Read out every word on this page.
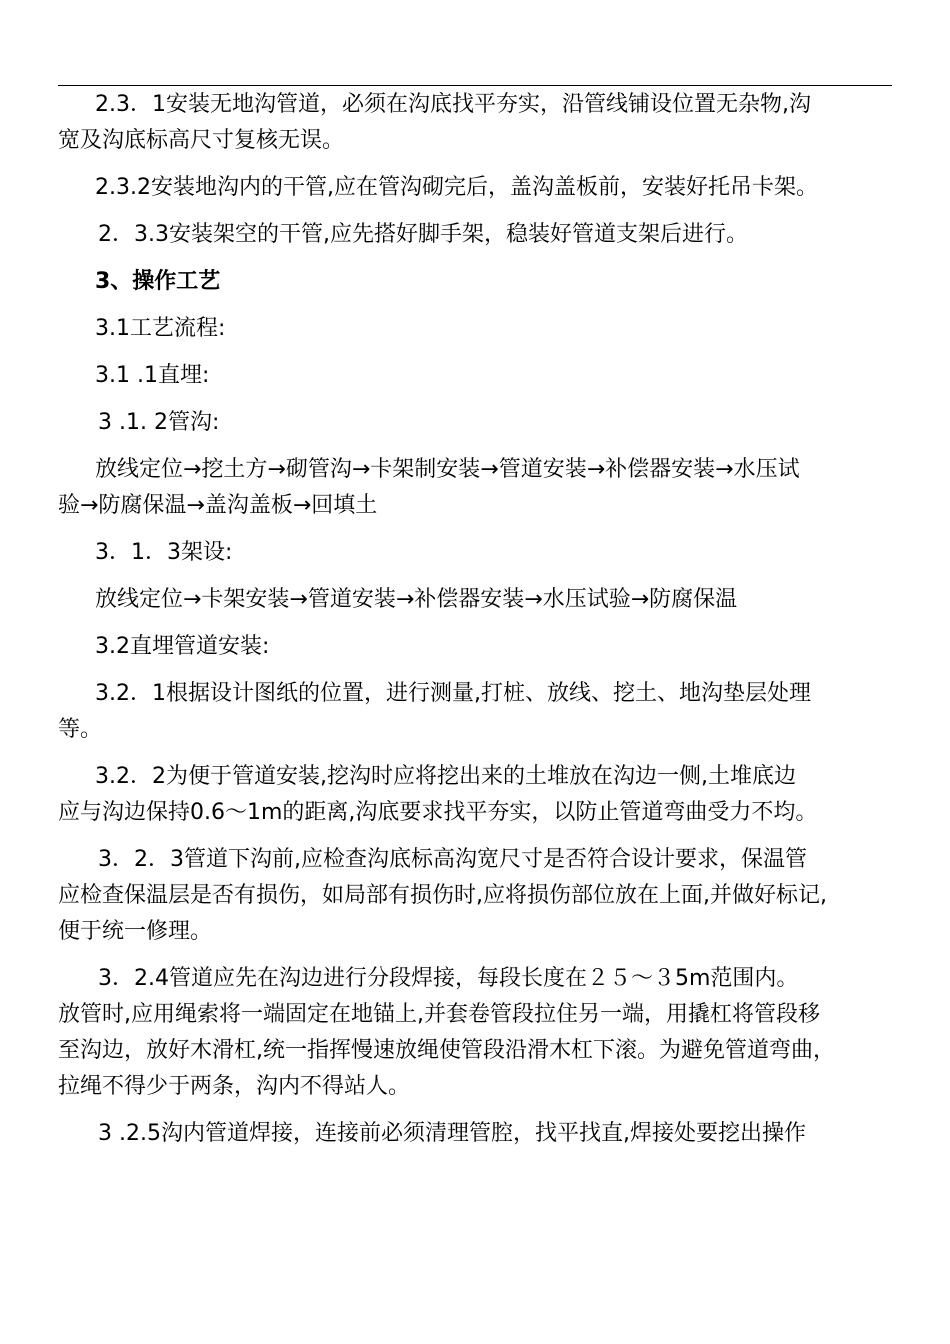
2.3．1安装无地沟管道，必须在沟底找平夯实，沿管线铺设位置无杂物,沟
宽及沟底标高尺寸复核无误。

2.3.2安装地沟内的干管,应在管沟砌完后，盖沟盖板前，安装好托吊卡架。

2．3.3安装架空的干管,应先搭好脚手架，稳装好管道支架后进行。

3、操作工艺

3.1工艺流程:

3.1 .1直埋:

3 .1. 2管沟:

放线定位→挖土方→砌管沟→卡架制安装→管道安装→补偿器安装→水压试
验→防腐保温→盖沟盖板→回填土

3．1．3架设:

放线定位→卡架安装→管道安装→补偿器安装→水压试验→防腐保温

3.2直埋管道安装:

3.2．1根据设计图纸的位置，进行测量,打桩、放线、挖土、地沟垫层处理
等。

3.2．2为便于管道安装,挖沟时应将挖出来的土堆放在沟边一侧,土堆底边
应与沟边保持0.6～1m的距离,沟底要求找平夯实，以防止管道弯曲受力不均。

3．2．3管道下沟前,应检查沟底标高沟宽尺寸是否符合设计要求，保温管
应检查保温层是否有损伤，如局部有损伤时,应将损伤部位放在上面,并做好标记,
便于统一修理。

3．2.4管道应先在沟边进行分段焊接，每段长度在２５～３5m范围内。
放管时,应用绳索将一端固定在地锚上,并套卷管段拉住另一端，用撬杠将管段移
至沟边，放好木滑杠,统一指挥慢速放绳使管段沿滑木杠下滚。为避免管道弯曲，
拉绳不得少于两条，沟内不得站人。

3 .2.5沟内管道焊接，连接前必须清理管腔，找平找直,焊接处要挖出操作
